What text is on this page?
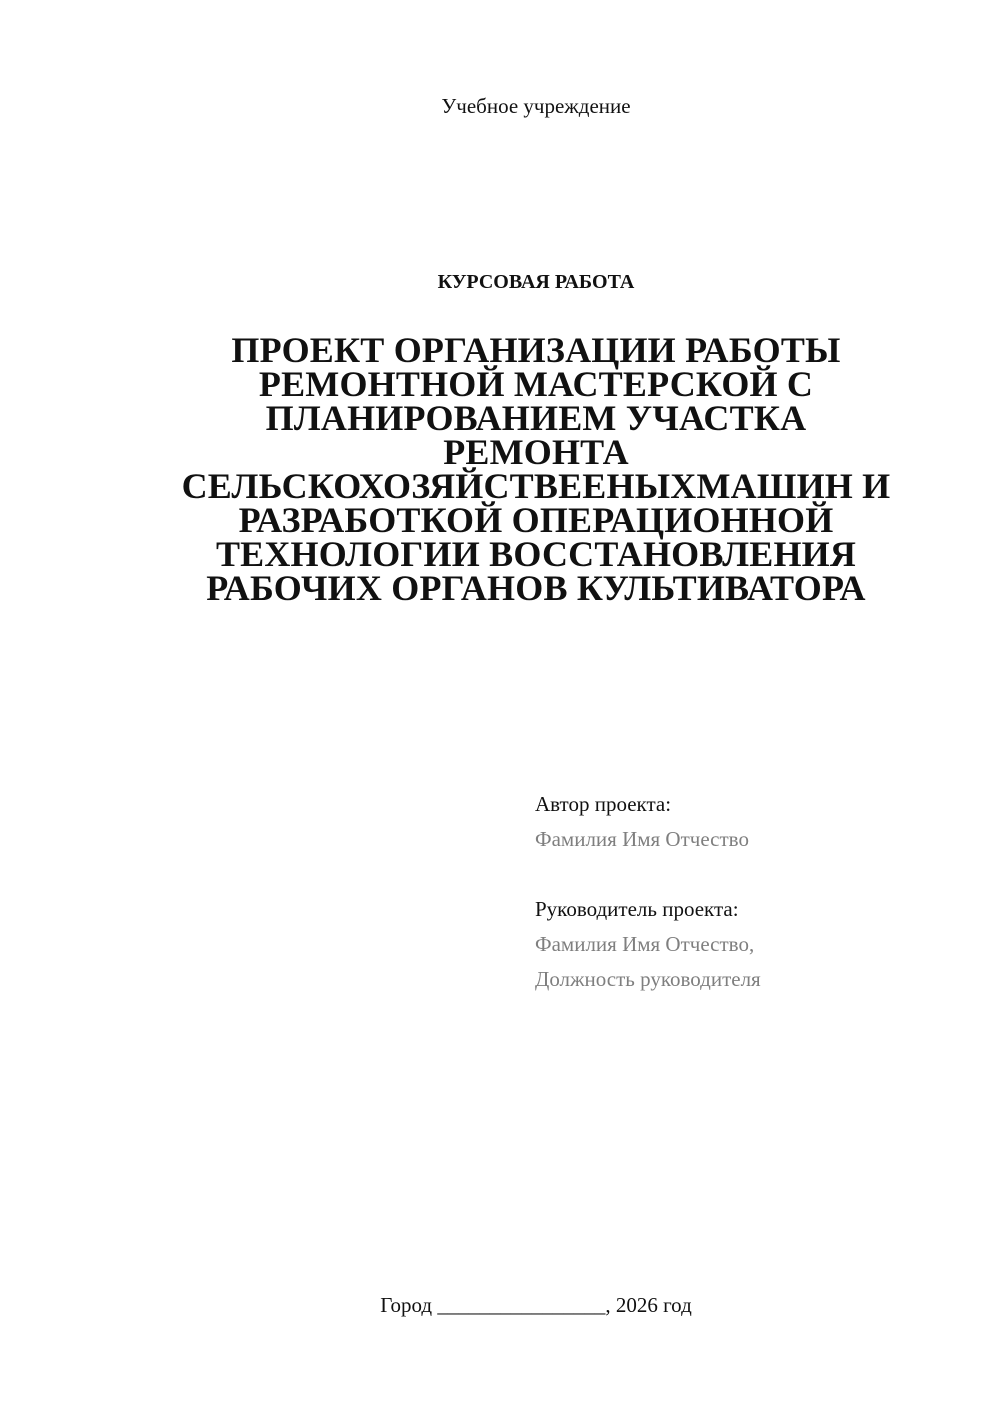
Учебное учреждение
КУРСОВАЯ РАБОТА
ПРОЕКТ ОРГАНИЗАЦИИ РАБОТЫ
РЕМОНТНОЙ МАСТЕРСКОЙ С
ПЛАНИРОВАНИЕМ УЧАСТКА
РЕМОНТА
СЕЛЬСКОХОЗЯЙСТВЕЕНЫХМАШИН И
РАЗРАБОТКОЙ ОПЕРАЦИОННОЙ
ТЕХНОЛОГИИ ВОССТАНОВЛЕНИЯ
РАБОЧИХ ОРГАНОВ КУЛЬТИВАТОРА
Автор проекта:
Фамилия Имя Отчество
Руководитель проекта:
Фамилия Имя Отчество,
Должность руководителя
Город ________________, 2026 год
